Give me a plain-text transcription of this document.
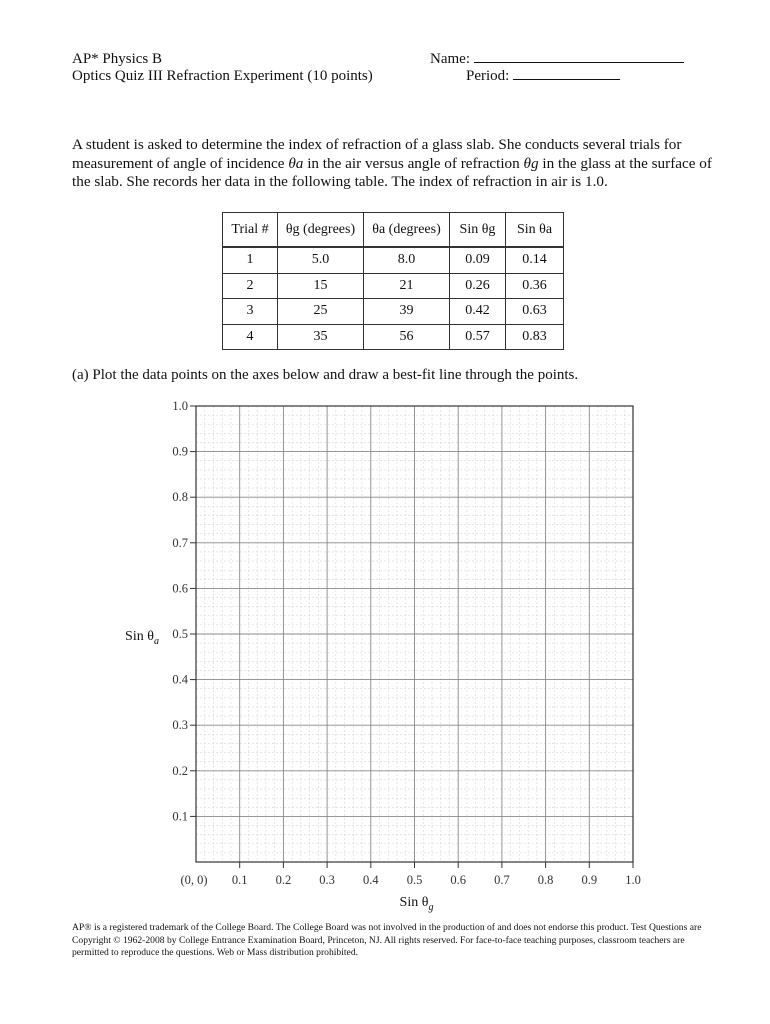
AP* Physics B
Optics Quiz III Refraction Experiment (10 points)
Name:
Period:
A student is asked to determine the index of refraction of a glass slab. She conducts several trials for measurement of angle of incidence θa in the air versus angle of refraction θg in the glass at the surface of the slab. She records her data in the following table. The index of refraction in air is 1.0.
Trial #	θg (degrees)	θa (degrees)	Sin θg	Sin θa
1	5.0	8.0	0.09	0.14
2	15	21	0.26	0.36
3	25	39	0.42	0.63
4	35	56	0.57	0.83
(a) Plot the data points on the axes below and draw a best-fit line through the points.
0.1 0.2 0.3 0.4 0.5 0.6 0.7 0.8 0.9 1.0
0.1
0.2
0.3
0.4
0.5
0.6
0.7
0.8
0.9
1.0
(0, 0)
Sin $\theta_g$
Sin $\theta_a$
AP® is a registered trademark of the College Board. The College Board was not involved in the production of and does not endorse this product. Test Questions are Copyright © 1962-2008 by College Entrance Examination Board, Princeton, NJ. All rights reserved. For face-to-face teaching purposes, classroom teachers are permitted to reproduce the questions. Web or Mass distribution prohibited.
